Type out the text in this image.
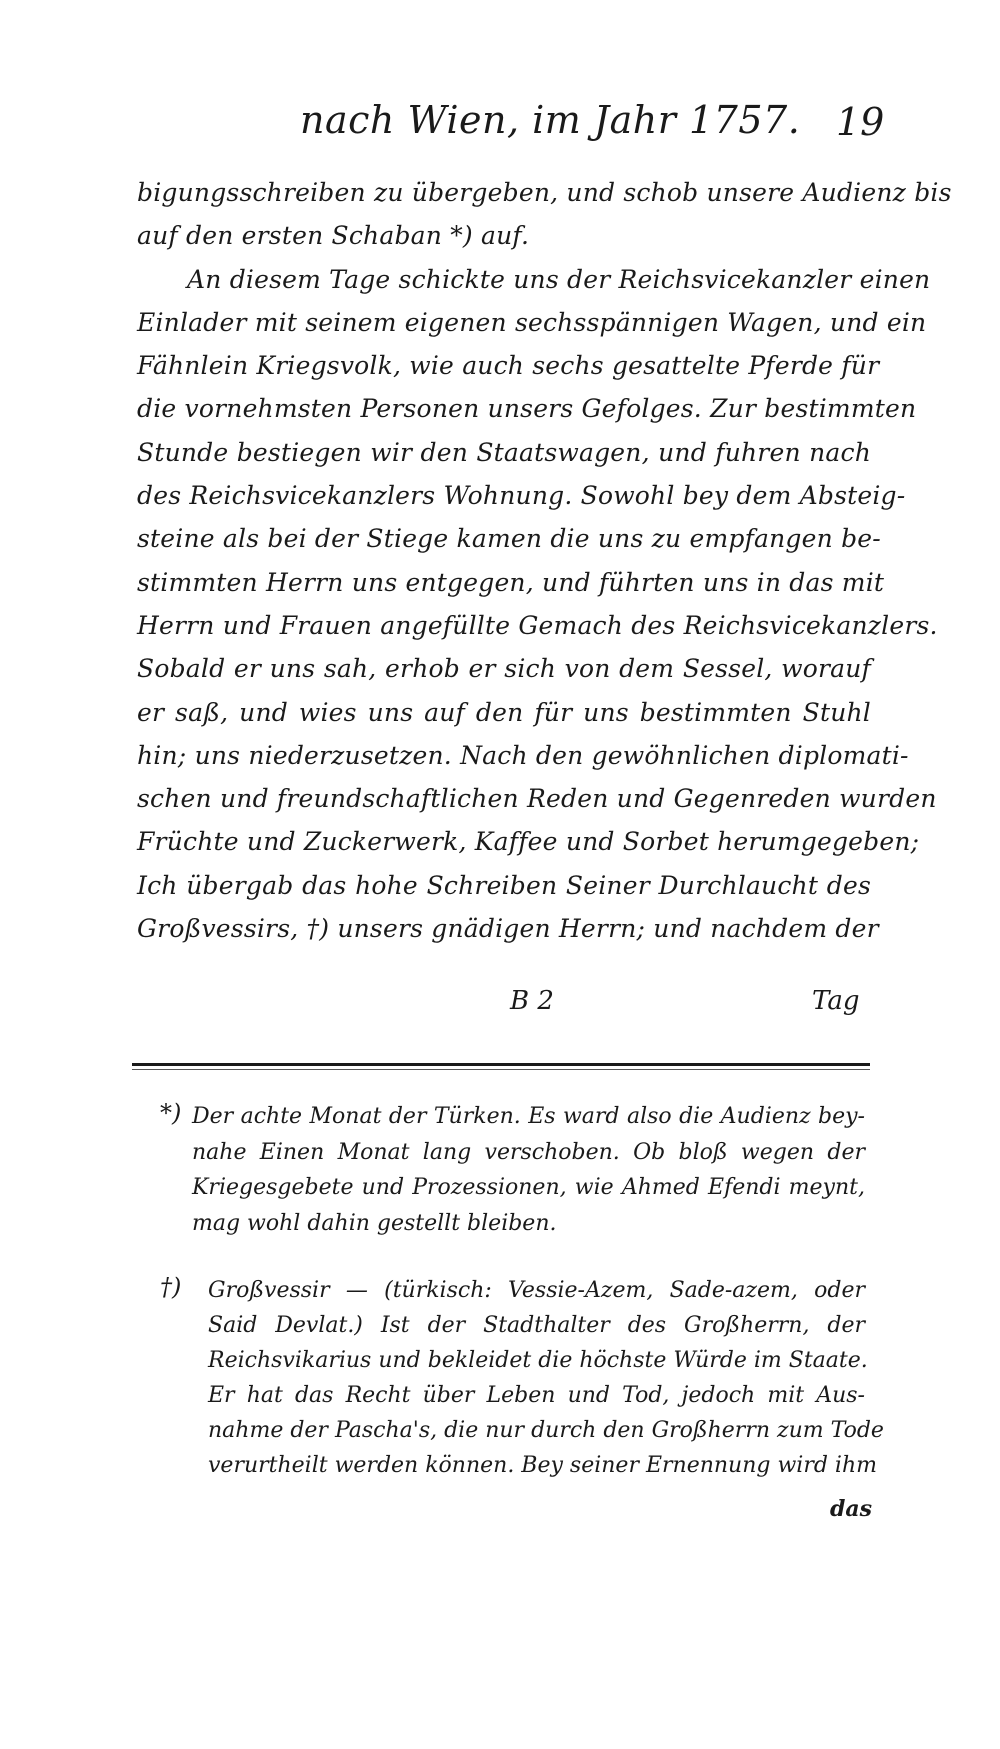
nach Wien, im Jahr 1757. 19
bigungsschreiben zu übergeben, und schob unsere Audienz bis
auf den ersten Schaban *) auf.
An diesem Tage schickte uns der Reichsvicekanzler einen
Einlader mit seinem eigenen sechsspännigen Wagen, und ein
Fähnlein Kriegsvolk, wie auch sechs gesattelte Pferde für
die vornehmsten Personen unsers Gefolges. Zur bestimmten
Stunde bestiegen wir den Staatswagen, und fuhren nach
des Reichsvicekanzlers Wohnung. Sowohl bey dem Absteig-
steine als bei der Stiege kamen die uns zu empfangen be-
stimmten Herrn uns entgegen, und führten uns in das mit
Herrn und Frauen angefüllte Gemach des Reichsvicekanzlers.
Sobald er uns sah, erhob er sich von dem Sessel, worauf
er saß, und wies uns auf den für uns bestimmten Stuhl
hin; uns niederzusetzen. Nach den gewöhnlichen diplomati-
schen und freundschaftlichen Reden und Gegenreden wurden
Früchte und Zuckerwerk, Kaffee und Sorbet herumgegeben;
Ich übergab das hohe Schreiben Seiner Durchlaucht des
Großvessirs, †) unsers gnädigen Herrn; und nachdem der
B 2	Tag
*) Der achte Monat der Türken. Es ward also die Audienz bey-
nahe Einen Monat lang verschoben. Ob bloß wegen der
Kriegesgebete und Prozessionen, wie Ahmed Efendi meynt,
mag wohl dahin gestellt bleiben.
†) Großvessir — (türkisch: Vessie-Azem, Sade-azem, oder
Said Devlat.) Ist der Stadthalter des Großherrn, der
Reichsvikarius und bekleidet die höchste Würde im Staate.
Er hat das Recht über Leben und Tod, jedoch mit Aus-
nahme der Pascha's, die nur durch den Großherrn zum Tode
verurtheilt werden können. Bey seiner Ernennung wird ihm
das
